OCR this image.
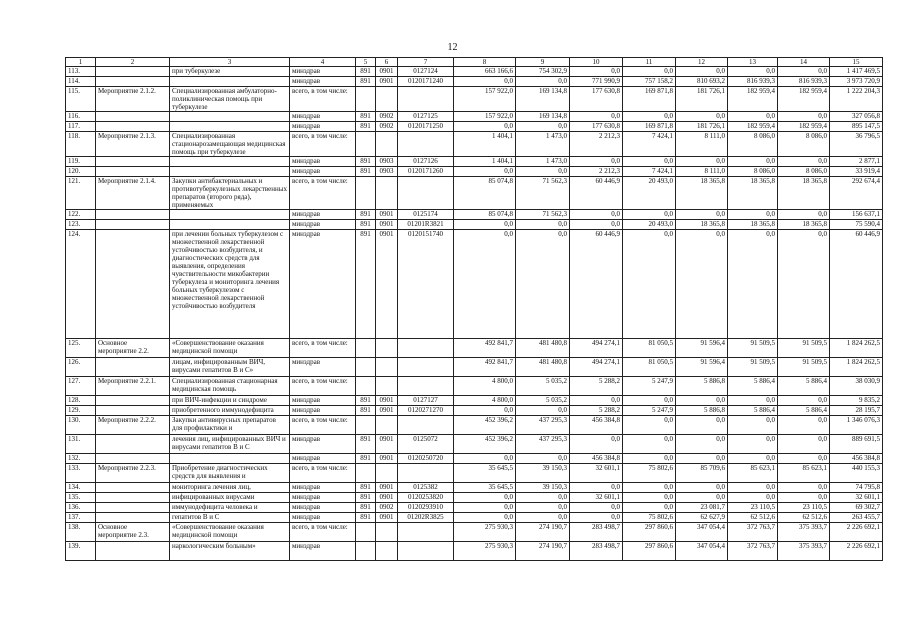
12
1	2	3	4	5	6	7	8	9	10	11	12	13	14	15
113.		при туберкулезе	минздрав	891	0901	0127124	663 166,6	754 302,9	0,0	0,0	0,0	0,0	0,0	1 417 469,5
114.			минздрав	891	0901	0120171240	0,0	0,0	771 990,9	757 158,2	810 693,2	816 939,3	816 939,3	3 973 720,9
115.	Мероприятие 2.1.2.	Специализированная амбулаторно-поликлиническая помощь при туберкулезе	всего, в том числе:				157 922,0	169 134,8	177 630,8	169 871,8	181 726,1	182 959,4	182 959,4	1 222 204,3
116.			минздрав	891	0902	0127125	157 922,0	169 134,8	0,0	0,0	0,0	0,0	0,0	327 056,8
117.			минздрав	891	0902	0120171250	0,0	0,0	177 630,8	169 871,8	181 726,1	182 959,4	182 959,4	895 147,5
118.	Мероприятие 2.1.3.	Специализированная стационарозамещающая медицинская помощь при туберкулезе	всего, в том числе:				1 404,1	1 473,0	2 212,3	7 424,1	8 111,0	8 086,0	8 086,0	36 796,5
119.			минздрав	891	0903	0127126	1 404,1	1 473,0	0,0	0,0	0,0	0,0	0,0	2 877,1
120.			минздрав	891	0903	0120171260	0,0	0,0	2 212,3	7 424,1	8 111,0	8 086,0	8 086,0	33 919,4
121.	Мероприятие 2.1.4.	Закупки антибактериальных и противотуберкулезных лекарственных препаратов (второго ряда), применяемых	всего, в том числе:				85 074,8	71 562,3	60 446,9	20 493,0	18 365,8	18 365,8	18 365,8	292 674,4
122.			минздрав	891	0901	0125174	85 074,8	71 562,3	0,0	0,0	0,0	0,0	0,0	156 637,1
123.			минздрав	891	0901	01201R3821	0,0	0,0	0,0	20 493,0	18 365,8	18 365,8	18 365,8	75 590,4
124.		при лечении больных туберкулезом с множественной лекарственной устойчивостью возбудителя, и диагностических средств для выявления, определения чувствительности микобактерии туберкулеза и мониторинга лечения больных туберкулезом с множественной лекарственной устойчивостью возбудителя	минздрав	891	0901	0120151740	0,0	0,0	60 446,9	0,0	0,0	0,0	0,0	60 446,9
125.	Основное мероприятие 2.2.	«Совершенствование оказания медицинской помощи	всего, в том числе:				492 841,7	481 480,8	494 274,1	81 050,5	91 596,4	91 509,5	91 509,5	1 824 262,5
126.		лицам, инфицированным ВИЧ, вирусами гепатитов В и С»	минздрав				492 841,7	481 480,8	494 274,1	81 050,5	91 596,4	91 509,5	91 509,5	1 824 262,5
127.	Мероприятие 2.2.1.	Специализированная стационарная медицинская помощь	всего, в том числе:				4 800,0	5 035,2	5 288,2	5 247,9	5 886,8	5 886,4	5 886,4	38 030,9
128.		при ВИЧ-инфекции и синдроме	минздрав	891	0901	0127127	4 800,0	5 035,2	0,0	0,0	0,0	0,0	0,0	9 835,2
129.		приобретенного иммунодефицита	минздрав	891	0901	0120271270	0,0	0,0	5 288,2	5 247,9	5 886,8	5 886,4	5 886,4	28 195,7
130.	Мероприятие 2.2.2.	Закупки антивирусных препаратов для профилактики и	всего, в том числе:				452 396,2	437 295,3	456 384,8	0,0	0,0	0,0	0,0	1 346 076,3
131.		лечения лиц, инфицированных ВИЧ и вирусами гепатитов В и С	минздрав	891	0901	0125072	452 396,2	437 295,3	0,0	0,0	0,0	0,0	0,0	889 691,5
132.			минздрав	891	0901	0120250720	0,0	0,0	456 384,8	0,0	0,0	0,0	0,0	456 384,8
133.	Мероприятие 2.2.3.	Приобретение диагностических средств для выявления и	всего, в том числе:				35 645,5	39 150,3	32 601,1	75 802,6	85 709,6	85 623,1	85 623,1	440 155,3
134.		мониторинга лечения лиц,	минздрав	891	0901	0125382	35 645,5	39 150,3	0,0	0,0	0,0	0,0	0,0	74 795,8
135.		инфицированных вирусами	минздрав	891	0901	0120253820	0,0	0,0	32 601,1	0,0	0,0	0,0	0,0	32 601,1
136.		иммунодефицита человека и	минздрав	891	0902	0120293910	0,0	0,0	0,0	0,0	23 081,7	23 110,5	23 110,5	69 302,7
137.		гепатитов В и С	минздрав	891	0901	01202R3825	0,0	0,0	0,0	75 802,6	62 627,9	62 512,6	62 512,6	263 455,7
138.	Основное мероприятие 2.3.	«Совершенствование оказания медицинской помощи	всего, в том числе:				275 930,3	274 190,7	283 498,7	297 860,6	347 054,4	372 763,7	375 393,7	2 226 692,1
139.		наркологическим больным»	минздрав				275 930,3	274 190,7	283 498,7	297 860,6	347 054,4	372 763,7	375 393,7	2 226 692,1
